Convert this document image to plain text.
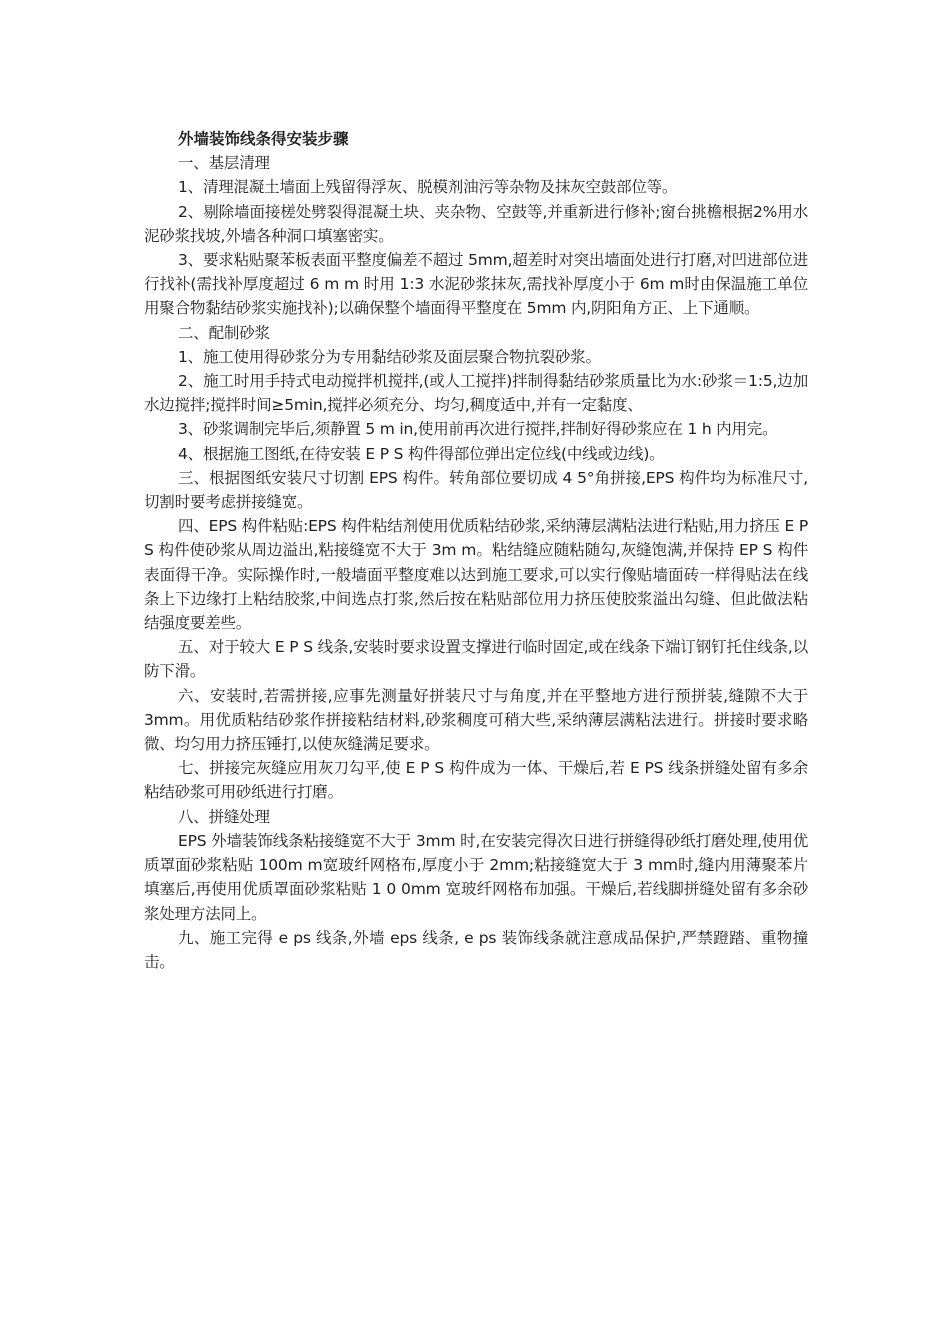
外墙装饰线条得安装步骤

一、基层清理

1、清理混凝土墙面上残留得浮灰、脱模剂油污等杂物及抹灰空鼓部位等。

2、剔除墙面接槎处劈裂得混凝土块、夹杂物、空鼓等,并重新进行修补;窗台挑檐根据2%用水泥砂浆找坡,外墙各种洞口填塞密实。

3、要求粘贴聚苯板表面平整度偏差不超过 5mm,超差时对突出墙面处进行打磨,对凹进部位进行找补(需找补厚度超过 6 m m 时用 1:3 水泥砂浆抹灰,需找补厚度小于 6m m时由保温施工单位用聚合物黏结砂浆实施找补);以确保整个墙面得平整度在 5mm 内,阴阳角方正、上下通顺。

二、配制砂浆

1、施工使用得砂浆分为专用黏结砂浆及面层聚合物抗裂砂浆。

2、施工时用手持式电动搅拌机搅拌,(或人工搅拌)拌制得黏结砂浆质量比为水:砂浆＝1:5,边加水边搅拌;搅拌时间≥5min,搅拌必须充分、均匀,稠度适中,并有一定黏度、

3、砂浆调制完毕后,须静置 5 m in,使用前再次进行搅拌,拌制好得砂浆应在 1 h 内用完。

4、根据施工图纸,在待安装 E P S 构件得部位弹出定位线(中线或边线)。

三、根据图纸安装尺寸切割 EPS 构件。转角部位要切成 4 5°角拼接,EPS 构件均为标准尺寸,切割时要考虑拼接缝宽。

四、EPS 构件粘贴:EPS 构件粘结剂使用优质粘结砂浆,采纳薄层满粘法进行粘贴,用力挤压 E P S 构件使砂浆从周边溢出,粘接缝宽不大于 3m m。粘结缝应随粘随勾,灰缝饱满,并保持 EP S 构件表面得干净。实际操作时,一般墙面平整度难以达到施工要求,可以实行像贴墙面砖一样得贴法在线条上下边缘打上粘结胶浆,中间选点打浆,然后按在粘贴部位用力挤压使胶浆溢出勾缝、但此做法粘结强度要差些。

五、对于较大 E P S 线条,安装时要求设置支撑进行临时固定,或在线条下端订钢钉托住线条,以防下滑。

六、安装时,若需拼接,应事先测量好拼装尺寸与角度,并在平整地方进行预拼装,缝隙不大于 3mm。用优质粘结砂浆作拼接粘结材料,砂浆稠度可稍大些,采纳薄层满粘法进行。拼接时要求略微、均匀用力挤压锤打,以使灰缝满足要求。

七、拼接完灰缝应用灰刀勾平,使 E P S 构件成为一体、干燥后,若 E PS 线条拼缝处留有多余粘结砂浆可用砂纸进行打磨。

八、拼缝处理

EPS 外墙装饰线条粘接缝宽不大于 3mm 时,在安装完得次日进行拼缝得砂纸打磨处理,使用优质罩面砂浆粘贴 100m m宽玻纤网格布,厚度小于 2mm;粘接缝宽大于 3 mm时,缝内用薄聚苯片填塞后,再使用优质罩面砂浆粘贴 1 0 0mm 宽玻纤网格布加强。干燥后,若线脚拼缝处留有多余砂浆处理方法同上。

九、施工完得 e ps 线条,外墙 eps 线条, e ps 装饰线条就注意成品保护,严禁蹬踏、重物撞击。
